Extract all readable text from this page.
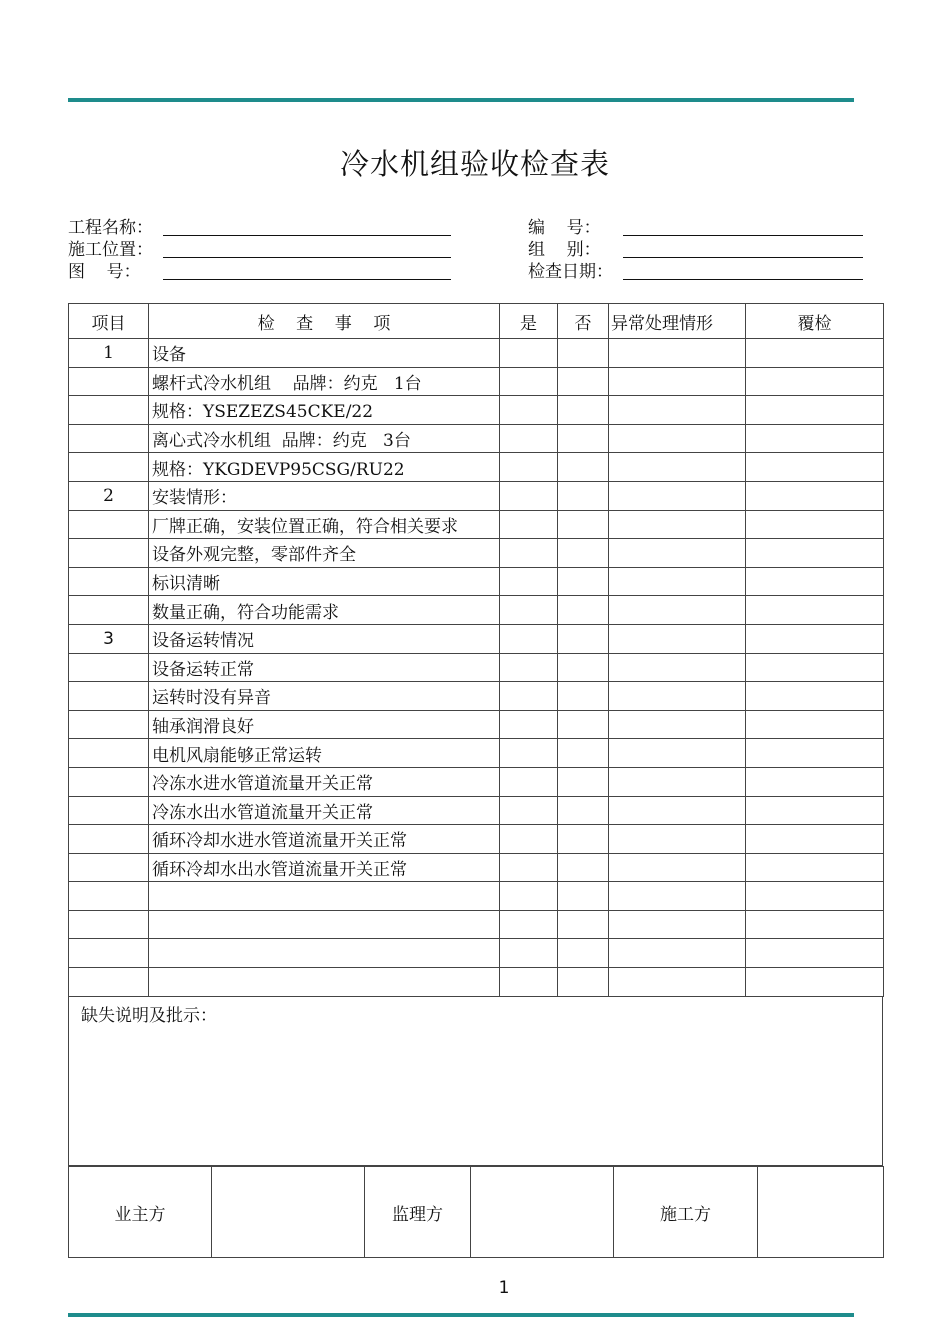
冷水机组验收检查表
工程名称：
施工位置：
图    号：
编    号：
组    别：
检查日期：
项目	检    查    事    项	是	否	异常处理情形	覆检
1	设备				
	螺杆式冷水机组    品牌：约克   1台				
	规格：YSEZEZS45CKE/22				
	离心式冷水机组  品牌：约克   3台				
	规格：YKGDEVP95CSG/RU22				
2	安装情形：				
	厂牌正确，安装位置正确，符合相关要求				
	设备外观完整，零部件齐全				
	标识清晰				
	数量正确，符合功能需求				
3	设备运转情况				
	设备运转正常				
	运转时没有异音				
	轴承润滑良好				
	电机风扇能够正常运转				
	冷冻水进水管道流量开关正常				
	冷冻水出水管道流量开关正常				
	循环冷却水进水管道流量开关正常				
	循环冷却水出水管道流量开关正常				

缺失说明及批示：
业主方		监理方		施工方	
1
